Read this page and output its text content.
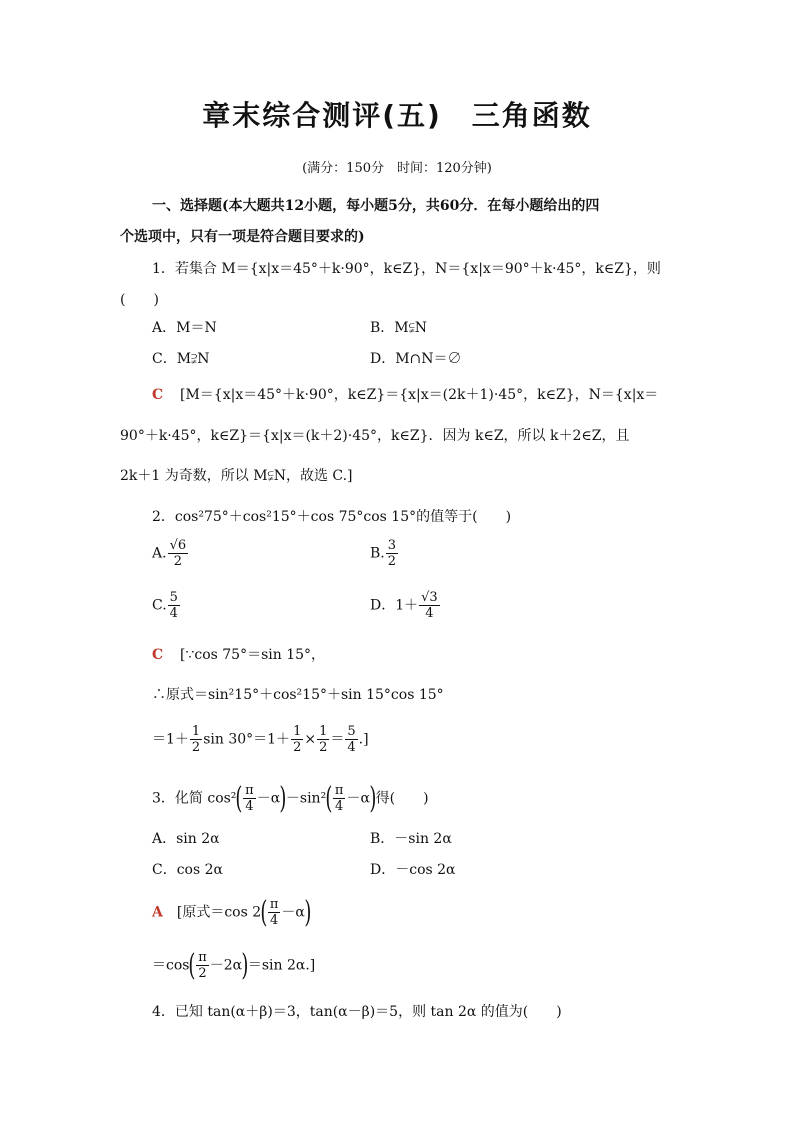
章末综合测评(五)　三角函数
(满分：150分　时间：120分钟)
一、选择题(本大题共12小题，每小题5分，共60分．在每小题给出的四
个选项中，只有一项是符合题目要求的)
1．若集合 M＝{x|x＝45°＋k·90°，k∈Z}，N＝{x|x＝90°＋k·45°，k∈Z}，则
(　　)
A．M＝N	B．M⫋N
C．M⫌N	D．M∩N＝∅
C [M＝{x|x＝45°＋k·90°，k∈Z}＝{x|x＝(2k＋1)·45°，k∈Z}，N＝{x|x＝
90°＋k·45°，k∈Z}＝{x|x＝(k＋2)·45°，k∈Z}．因为 k∈Z，所以 k＋2∈Z，且
2k＋1 为奇数，所以 M⫋N，故选 C.]
2．cos²75°＋cos²15°＋cos 75°cos 15°的值等于(　　)
A. $\frac{√6}{2}$	B. $\frac{3}{2}$
C. $\frac{5}{4}$	D．$1+ \frac{√3}{4}$
C [∵cos 75°＝sin 15°，
∴原式＝sin²15°＋cos²15°＋sin 15°cos 15°
$=1+ \frac{1}{2}$ $\sin 30^\circ=1+ \frac{1}{2} \times \frac{1}{2} = \frac{5}{4}$ .]
3．化简 $\cos^2( \frac{\pi}{4} -\alpha)-\sin^2( \frac{\pi}{4} -\alpha)$得(　　)
A．sin 2α	B．－sin 2α
C．cos 2α	D．－cos 2α
A [原式＝cos $2( \frac{\pi}{4} -\alpha)$
$=\cos( \frac{\pi}{2} -2\alpha)=\sin$ 2α.]
4．已知 tan(α＋β)＝3，tan(α－β)＝5，则 tan 2α 的值为(　　)
